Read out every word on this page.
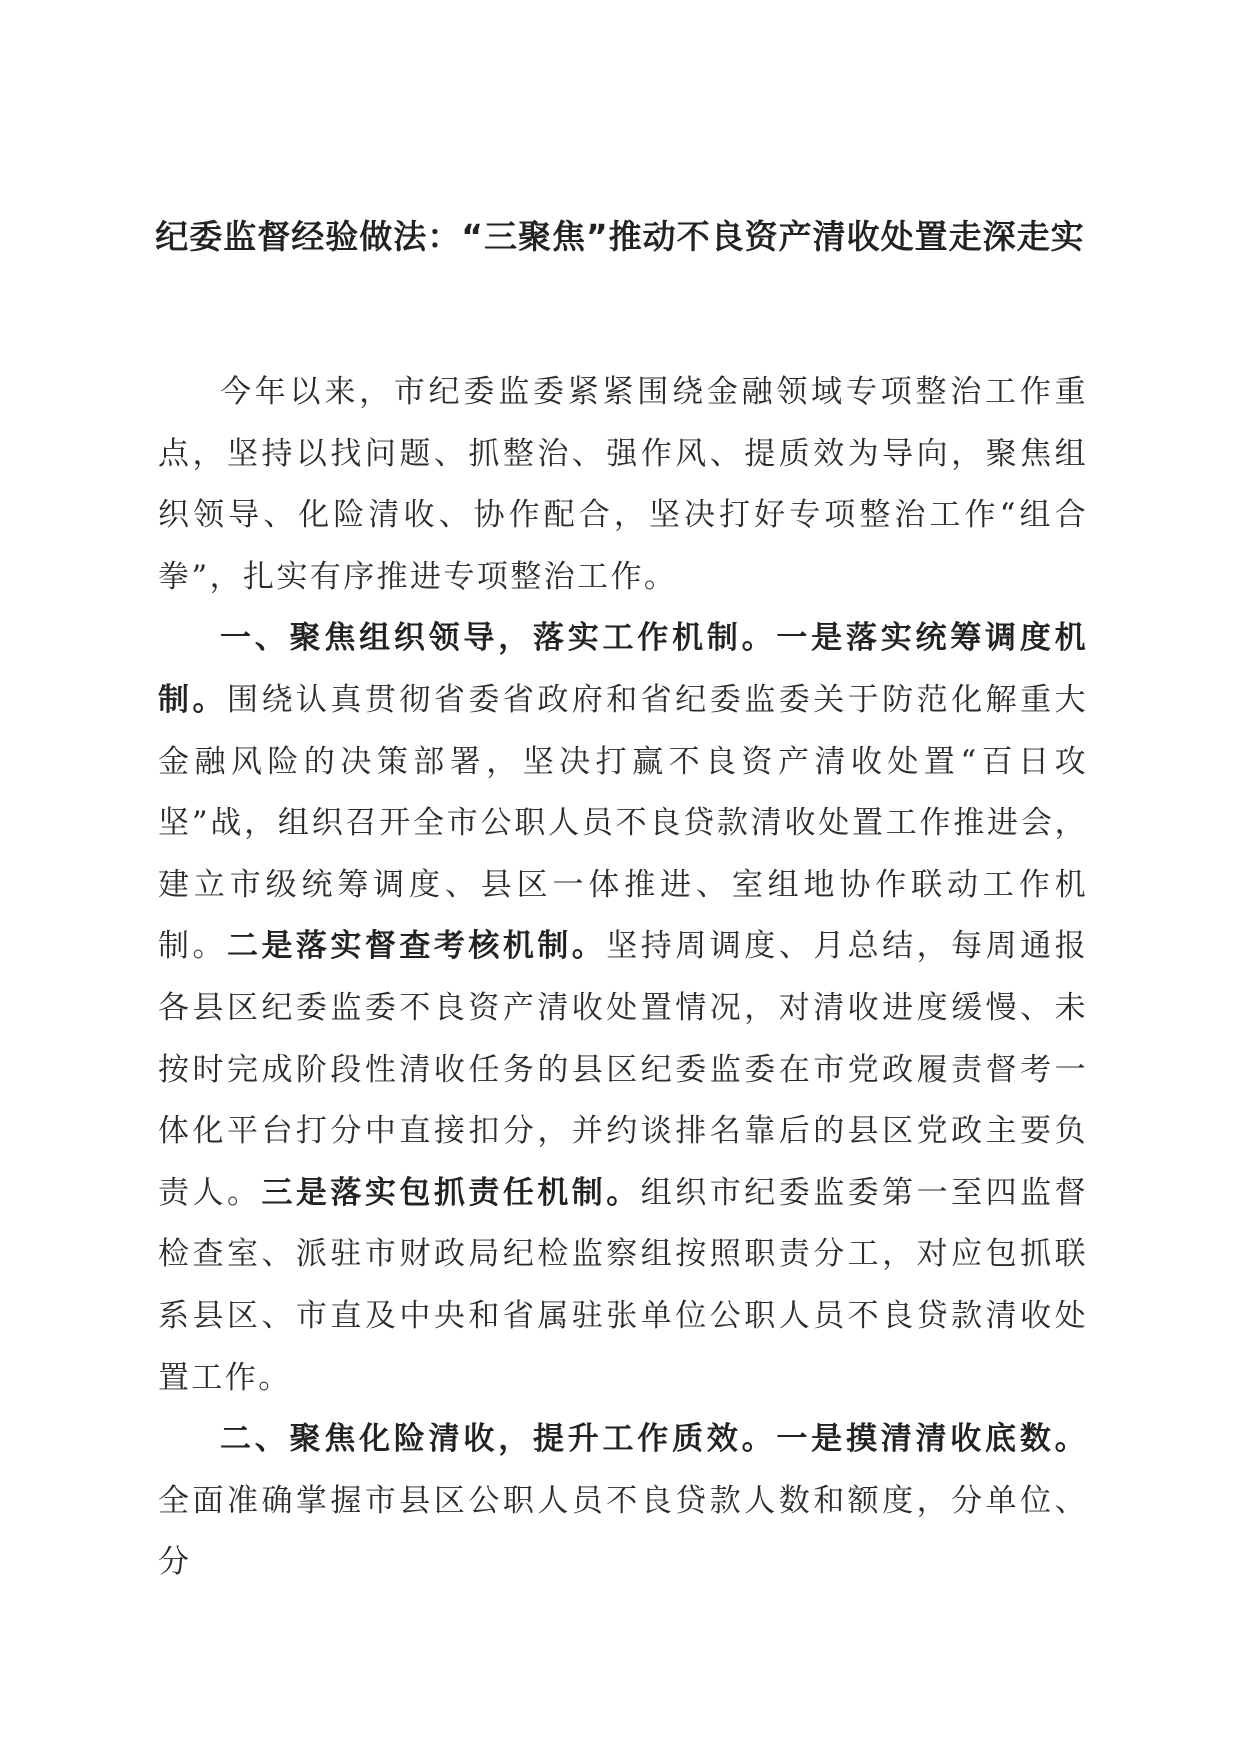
纪委监督经验做法：“三聚焦”推动不良资产清收处置走深走实

今年以来，市纪委监委紧紧围绕金融领域专项整治工作重点，坚持以找问题、抓整治、强作风、提质效为导向，聚焦组织领导、化险清收、协作配合，坚决打好专项整治工作“组合拳”，扎实有序推进专项整治工作。

一、聚焦组织领导，落实工作机制。一是落实统筹调度机制。围绕认真贯彻省委省政府和省纪委监委关于防范化解重大金融风险的决策部署，坚决打赢不良资产清收处置“百日攻坚”战，组织召开全市公职人员不良贷款清收处置工作推进会，建立市级统筹调度、县区一体推进、室组地协作联动工作机制。二是落实督查考核机制。坚持周调度、月总结，每周通报各县区纪委监委不良资产清收处置情况，对清收进度缓慢、未按时完成阶段性清收任务的县区纪委监委在市党政履责督考一体化平台打分中直接扣分，并约谈排名靠后的县区党政主要负责人。三是落实包抓责任机制。组织市纪委监委第一至四监督检查室、派驻市财政局纪检监察组按照职责分工，对应包抓联系县区、市直及中央和省属驻张单位公职人员不良贷款清收处置工作。

二、聚焦化险清收，提升工作质效。一是摸清清收底数。全面准确掌握市县区公职人员不良贷款人数和额度，分单位、分
